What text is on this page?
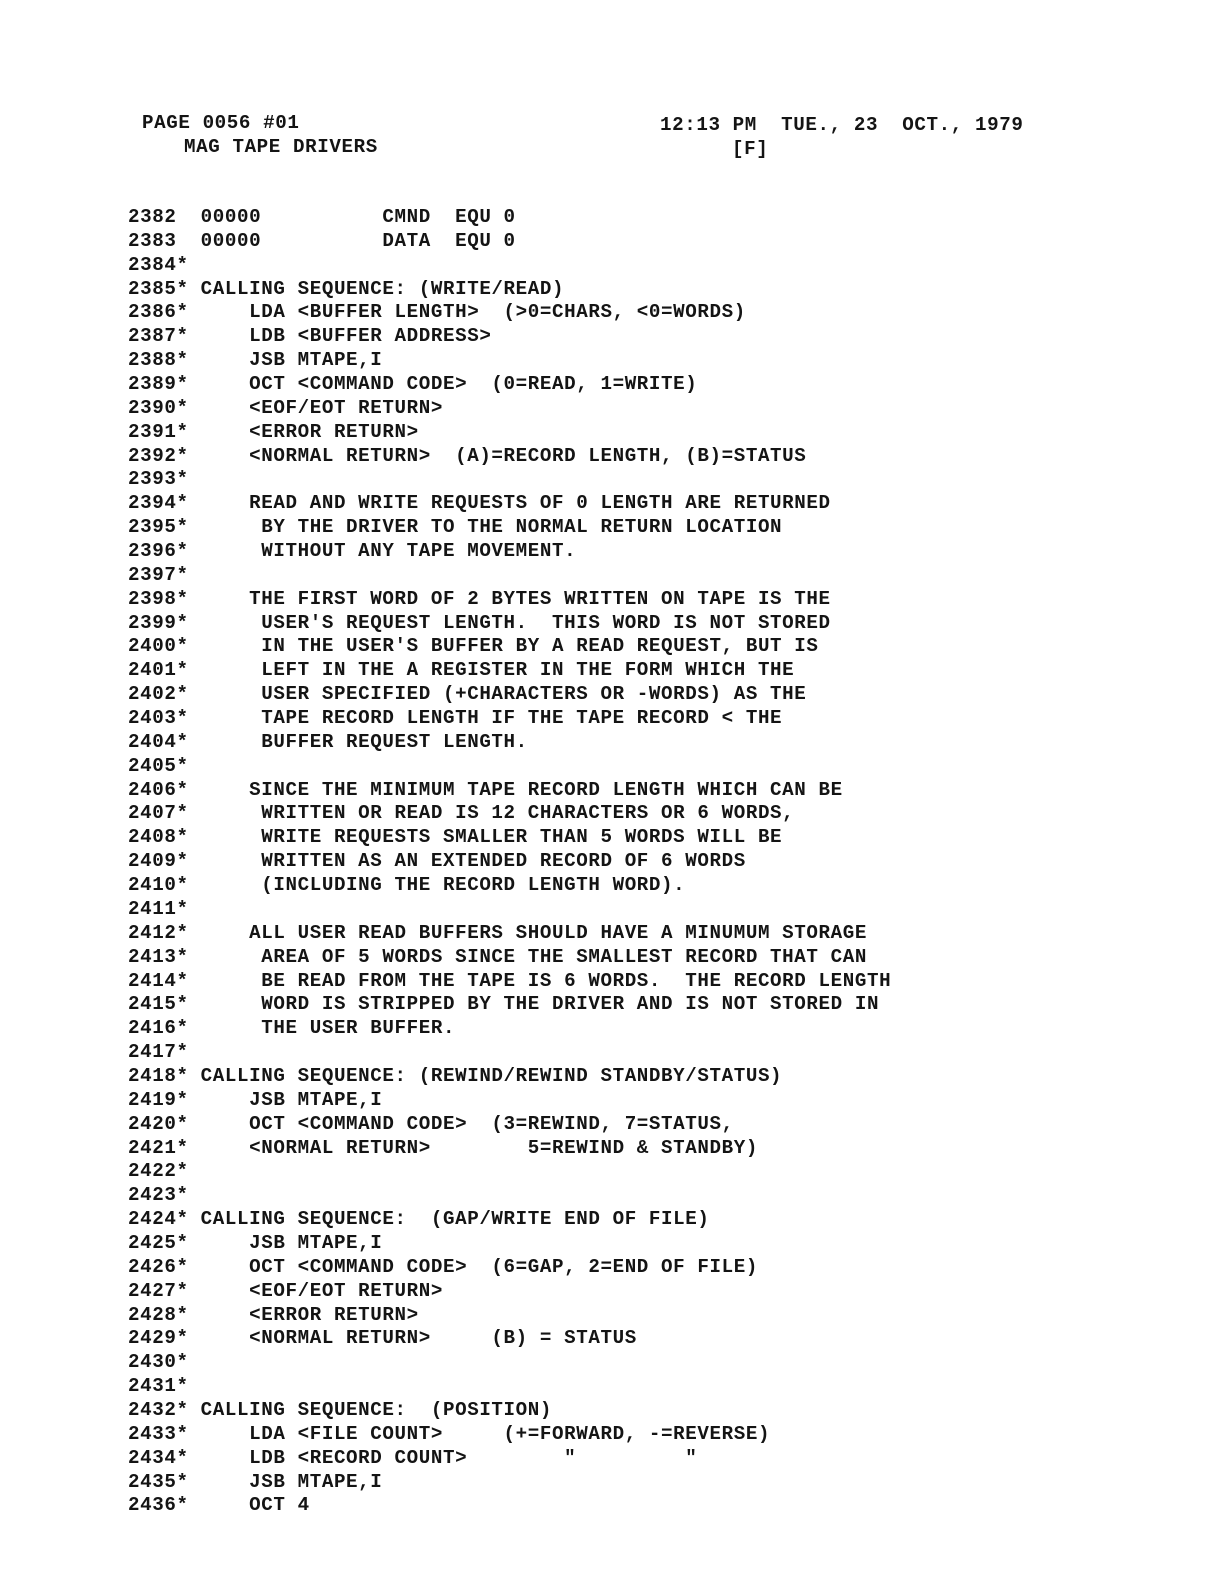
PAGE 0056 #01	12:13 PM  TUE., 23  OCT., 1979
MAG TAPE DRIVERS	[F]
2382  00000          CMND  EQU 0
2383  00000          DATA  EQU 0
2384*
2385* CALLING SEQUENCE: (WRITE/READ)
2386*     LDA <BUFFER LENGTH>  (>0=CHARS, <0=WORDS)
2387*     LDB <BUFFER ADDRESS>
2388*     JSB MTAPE,I
2389*     OCT <COMMAND CODE>  (0=READ, 1=WRITE)
2390*     <EOF/EOT RETURN>
2391*     <ERROR RETURN>
2392*     <NORMAL RETURN>  (A)=RECORD LENGTH, (B)=STATUS
2393*
2394*     READ AND WRITE REQUESTS OF 0 LENGTH ARE RETURNED
2395*      BY THE DRIVER TO THE NORMAL RETURN LOCATION
2396*      WITHOUT ANY TAPE MOVEMENT.
2397*
2398*     THE FIRST WORD OF 2 BYTES WRITTEN ON TAPE IS THE
2399*      USER'S REQUEST LENGTH.  THIS WORD IS NOT STORED
2400*      IN THE USER'S BUFFER BY A READ REQUEST, BUT IS
2401*      LEFT IN THE A REGISTER IN THE FORM WHICH THE
2402*      USER SPECIFIED (+CHARACTERS OR -WORDS) AS THE
2403*      TAPE RECORD LENGTH IF THE TAPE RECORD < THE
2404*      BUFFER REQUEST LENGTH.
2405*
2406*     SINCE THE MINIMUM TAPE RECORD LENGTH WHICH CAN BE
2407*      WRITTEN OR READ IS 12 CHARACTERS OR 6 WORDS,
2408*      WRITE REQUESTS SMALLER THAN 5 WORDS WILL BE
2409*      WRITTEN AS AN EXTENDED RECORD OF 6 WORDS
2410*      (INCLUDING THE RECORD LENGTH WORD).
2411*
2412*     ALL USER READ BUFFERS SHOULD HAVE A MINUMUM STORAGE
2413*      AREA OF 5 WORDS SINCE THE SMALLEST RECORD THAT CAN
2414*      BE READ FROM THE TAPE IS 6 WORDS.  THE RECORD LENGTH
2415*      WORD IS STRIPPED BY THE DRIVER AND IS NOT STORED IN
2416*      THE USER BUFFER.
2417*
2418* CALLING SEQUENCE: (REWIND/REWIND STANDBY/STATUS)
2419*     JSB MTAPE,I
2420*     OCT <COMMAND CODE>  (3=REWIND, 7=STATUS,
2421*     <NORMAL RETURN>        5=REWIND & STANDBY)
2422*
2423*
2424* CALLING SEQUENCE:  (GAP/WRITE END OF FILE)
2425*     JSB MTAPE,I
2426*     OCT <COMMAND CODE>  (6=GAP, 2=END OF FILE)
2427*     <EOF/EOT RETURN>
2428*     <ERROR RETURN>
2429*     <NORMAL RETURN>     (B) = STATUS
2430*
2431*
2432* CALLING SEQUENCE:  (POSITION)
2433*     LDA <FILE COUNT>     (+=FORWARD, -=REVERSE)
2434*     LDB <RECORD COUNT>        "         "
2435*     JSB MTAPE,I
2436*     OCT 4
